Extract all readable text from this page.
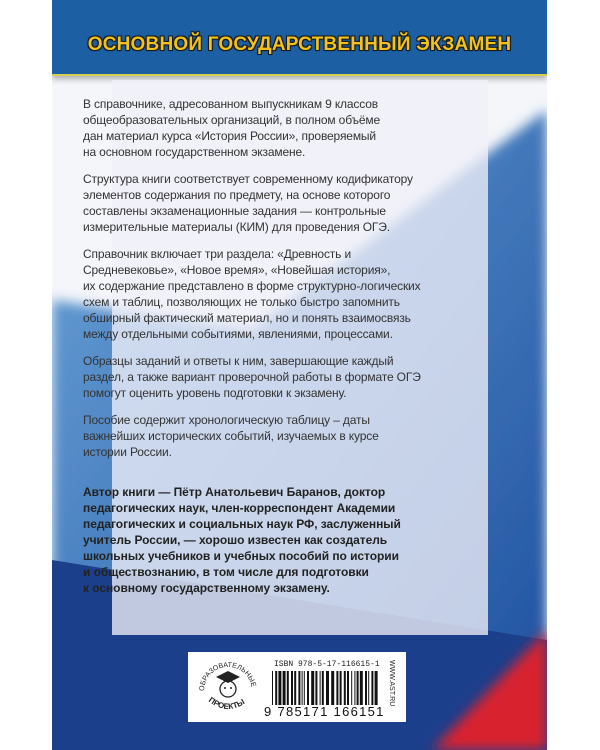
ОСНОВНОЙ ГОСУДАРСТВЕННЫЙ ЭКЗАМЕН

В справочнике, адресованном выпускникам 9 классов
общеобразовательных организаций, в полном объёме
дан материал курса «История России», проверяемый
на основном государственном экзамене.

Структура книги соответствует современному кодификатору
элементов содержания по предмету, на основе которого
составлены экзаменационные задания — контрольные
измерительные материалы (КИМ) для проведения ОГЭ.

Справочник включает три раздела: «Древность и
Средневековье», «Новое время», «Новейшая история»,
их содержание представлено в форме структурно-логических
схем и таблиц, позволяющих не только быстро запомнить
обширный фактический материал, но и понять взаимосвязь
между отдельными событиями, явлениями, процессами.

Образцы заданий и ответы к ним, завершающие каждый
раздел, а также вариант проверочной работы в формате ОГЭ
помогут оценить уровень подготовки к экзамену.

Пособие содержит хронологическую таблицу – даты
важнейших исторических событий, изучаемых в курсе
истории России.

Автор книги — Пётр Анатольевич Баранов, доктор
педагогических наук, член-корреспондент Академии
педагогических и социальных наук РФ, заслуженный
учитель России, — хорошо известен как создатель
школьных учебников и учебных пособий по истории
и обществознанию, в том числе для подготовки
к основному государственному экзамену.

ОБРАЗОВАТЕЛЬНЫЕ
ПРОЕКТЫ
ISBN 978-5-17-116615-1
9 785171 166151
WWW.AST.RU
